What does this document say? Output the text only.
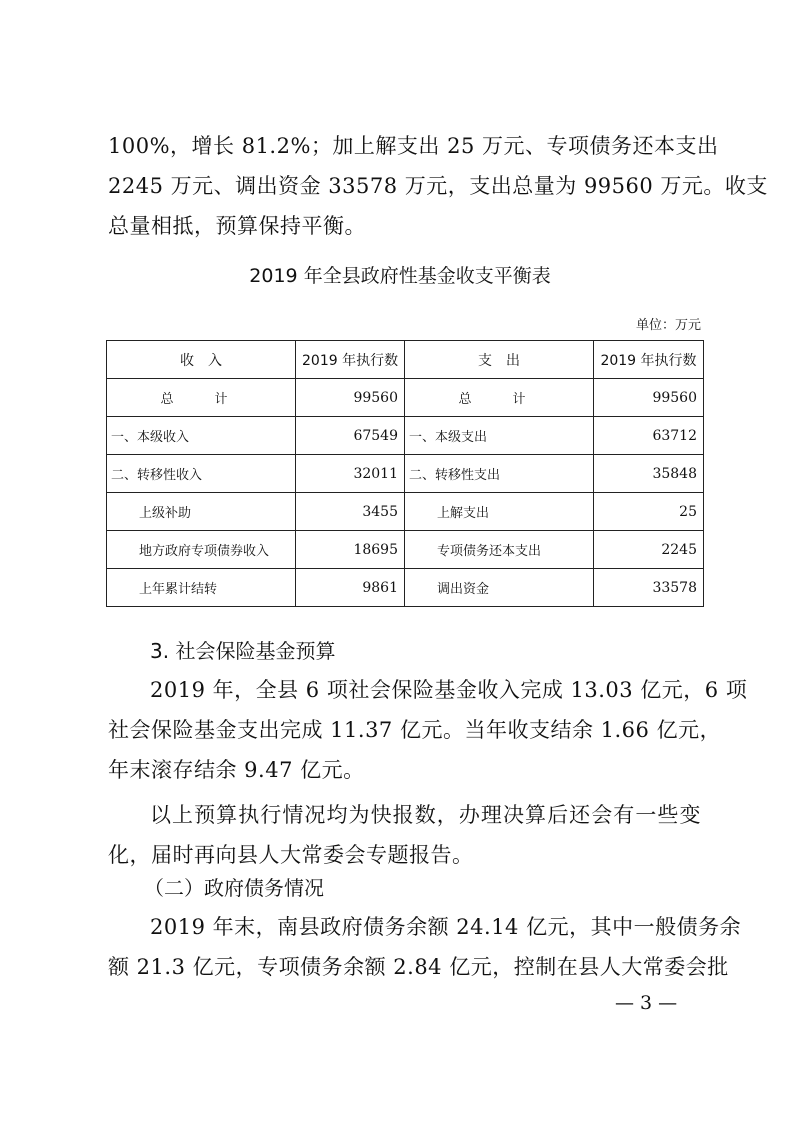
100%，增长 81.2%；加上解支出 25 万元、专项债务还本支出
2245 万元、调出资金 33578 万元，支出总量为 99560 万元。收支
总量相抵，预算保持平衡。
2019 年全县政府性基金收支平衡表
单位：万元
收　入	2019 年执行数	支　出	2019 年执行数
总　计	99560	总　计	99560
一、本级收入	67549	一、本级支出	63712
二、转移性收入	32011	二、转移性支出	35848
上级补助	3455	上解支出	25
地方政府专项债券收入	18695	专项债务还本支出	2245
上年累计结转	9861	调出资金	33578
3. 社会保险基金预算
2019 年，全县 6 项社会保险基金收入完成 13.03 亿元，6 项
社会保险基金支出完成 11.37 亿元。当年收支结余 1.66 亿元，
年末滚存结余 9.47 亿元。
以上预算执行情况均为快报数，办理决算后还会有一些变
化，届时再向县人大常委会专题报告。
（二）政府债务情况
2019 年末，南县政府债务余额 24.14 亿元，其中一般债务余
额 21.3 亿元，专项债务余额 2.84 亿元，控制在县人大常委会批
— 3 —
